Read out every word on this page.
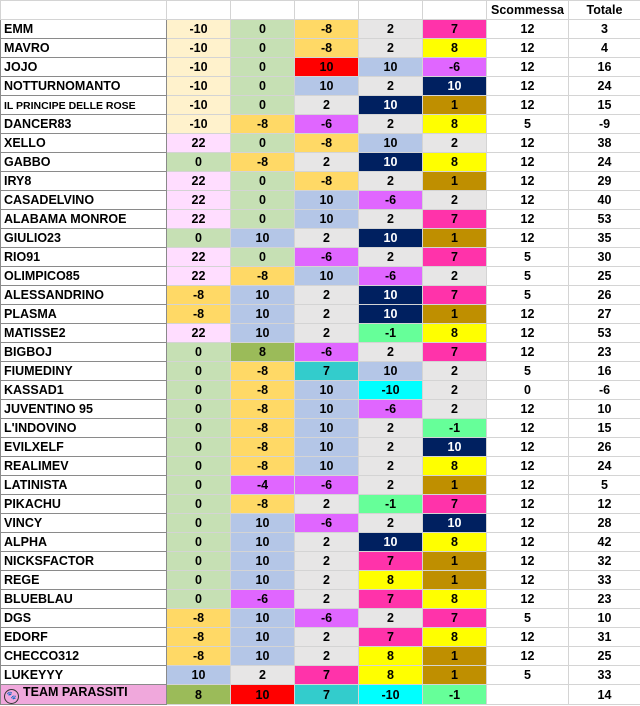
						Scommessa	Totale
EMM	-10	0	-8	2	7	12	3
MAVRO	-10	0	-8	2	8	12	4
JOJO	-10	0	10	10	-6	12	16
NOTTURNOMANTO	-10	0	10	2	10	12	24
IL PRINCIPE DELLE ROSE	-10	0	2	10	1	12	15
DANCER83	-10	-8	-6	2	8	5	-9
XELLO	22	0	-8	10	2	12	38
GABBO	0	-8	2	10	8	12	24
IRY8	22	0	-8	2	1	12	29
CASADELVINO	22	0	10	-6	2	12	40
ALABAMA MONROE	22	0	10	2	7	12	53
GIULIO23	0	10	2	10	1	12	35
RIO91	22	0	-6	2	7	5	30
OLIMPICO85	22	-8	10	-6	2	5	25
ALESSANDRINO	-8	10	2	10	7	5	26
PLASMA	-8	10	2	10	1	12	27
MATISSE2	22	10	2	-1	8	12	53
BIGBOJ	0	8	-6	2	7	12	23
FIUMEDINY	0	-8	7	10	2	5	16
KASSAD1	0	-8	10	-10	2	0	-6
JUVENTINO 95	0	-8	10	-6	2	12	10
L'INDOVINO	0	-8	10	2	-1	12	15
EVILXELF	0	-8	10	2	10	12	26
REALIMEV	0	-8	10	2	8	12	24
LATINISTA	0	-4	-6	2	1	12	5
PIKACHU	0	-8	2	-1	7	12	12
VINCY	0	10	-6	2	10	12	28
ALPHA	0	10	2	10	8	12	42
NICKSFACTOR	0	10	2	7	1	12	32
REGE	0	10	2	8	1	12	33
BLUEBLAU	0	-6	2	7	8	12	23
DGS	-8	10	-6	2	7	5	10
EDORF	-8	10	2	7	8	12	31
CHECCO312	-8	10	2	8	1	12	25
LUKEYYY	10	2	7	8	1	5	33
🐾 TEAM PARASSITI	8	10	7	-10	-1		14
